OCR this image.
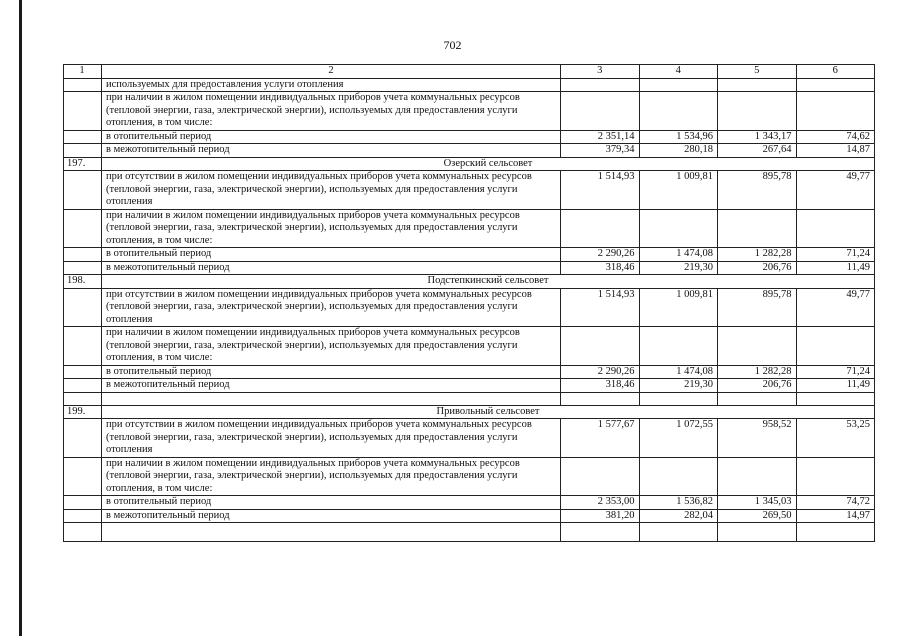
702
1	2	3	4	5	6
	используемых для предоставления услуги отопления				
	при наличии в жилом помещении индивидуальных приборов учета коммунальных ресурсов (тепловой энергии, газа, электрической энергии), используемых для предоставления услуги отопления, в том числе:				
	в отопительный период	2 351,14	1 534,96	1 343,17	74,62
	в межотопительный период	379,34	280,18	267,64	14,87
197.	Озерский сельсовет				
	при отсутствии в жилом помещении индивидуальных приборов учета коммунальных ресурсов (тепловой энергии, газа, электрической энергии), используемых для предоставления услуги отопления	1 514,93	1 009,81	895,78	49,77
	при наличии в жилом помещении индивидуальных приборов учета коммунальных ресурсов (тепловой энергии, газа, электрической энергии), используемых для предоставления услуги отопления, в том числе:				
	в отопительный период	2 290,26	1 474,08	1 282,28	71,24
	в межотопительный период	318,46	219,30	206,76	11,49
198.	Подстепкинский сельсовет				
	при отсутствии в жилом помещении индивидуальных приборов учета коммунальных ресурсов (тепловой энергии, газа, электрической энергии), используемых для предоставления услуги отопления	1 514,93	1 009,81	895,78	49,77
	при наличии в жилом помещении индивидуальных приборов учета коммунальных ресурсов (тепловой энергии, газа, электрической энергии), используемых для предоставления услуги отопления, в том числе:				
	в отопительный период	2 290,26	1 474,08	1 282,28	71,24
	в межотопительный период	318,46	219,30	206,76	11,49

199.	Привольный сельсовет				
	при отсутствии в жилом помещении индивидуальных приборов учета коммунальных ресурсов (тепловой энергии, газа, электрической энергии), используемых для предоставления услуги отопления	1 577,67	1 072,55	958,52	53,25
	при наличии в жилом помещении индивидуальных приборов учета коммунальных ресурсов (тепловой энергии, газа, электрической энергии), используемых для предоставления услуги отопления, в том числе:				
	в отопительный период	2 353,00	1 536,82	1 345,03	74,72
	в межотопительный период	381,20	282,04	269,50	14,97
